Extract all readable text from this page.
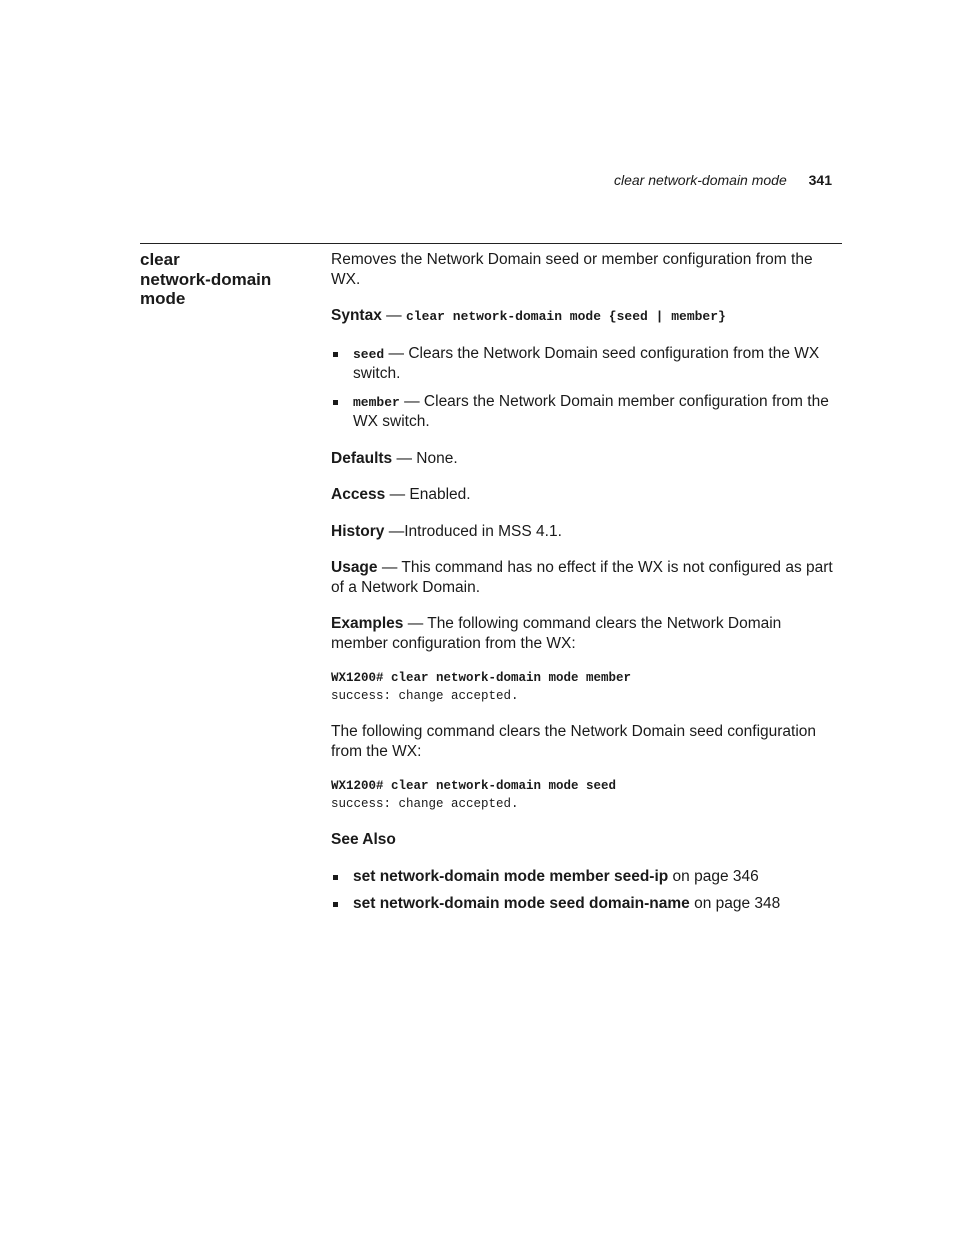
clear network-domain mode 341
clear
network-domain
mode

Removes the Network Domain seed or member configuration from the WX.

Syntax — clear network-domain mode {seed | member}

seed — Clears the Network Domain seed configuration from the WX switch.
member — Clears the Network Domain member configuration from the WX switch.

Defaults — None.

Access — Enabled.

History —Introduced in MSS 4.1.

Usage — This command has no effect if the WX is not configured as part of a Network Domain.

Examples — The following command clears the Network Domain member configuration from the WX:

WX1200# clear network-domain mode member
success: change accepted.

The following command clears the Network Domain seed configuration from the WX:

WX1200# clear network-domain mode seed
success: change accepted.

See Also

set network-domain mode member seed-ip on page 346
set network-domain mode seed domain-name on page 348
